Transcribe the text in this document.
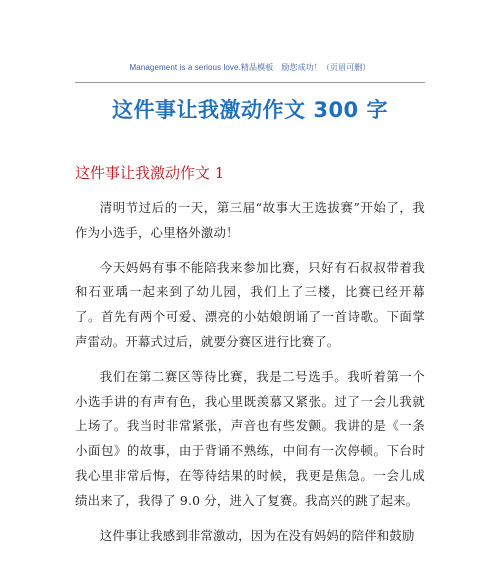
Management is a serious love.精品模板　励您成功！（页眉可删）
这件事让我激动作文 300 字
这件事让我激动作文 1

清明节过后的一天，第三届“故事大王选拔赛”开始了，我作为小选手，心里格外激动！

今天妈妈有事不能陪我来参加比赛，只好有石叔叔带着我和石亚瑀一起来到了幼儿园，我们上了三楼，比赛已经开幕了。首先有两个可爱、漂亮的小姑娘朗诵了一首诗歌。下面掌声雷动。开幕式过后，就要分赛区进行比赛了。

我们在第二赛区等待比赛，我是二号选手。我听着第一个小选手讲的有声有色，我心里既羡慕又紧张。过了一会儿我就上场了。我当时非常紧张，声音也有些发颤。我讲的是《一条小面包》的故事，由于背诵不熟练，中间有一次停顿。下台时我心里非常后悔，在等待结果的时候，我更是焦急。一会儿成绩出来了，我得了 9.0 分，进入了复赛。我高兴的跳了起来。

这件事让我感到非常激动，因为在没有妈妈的陪伴和鼓励
